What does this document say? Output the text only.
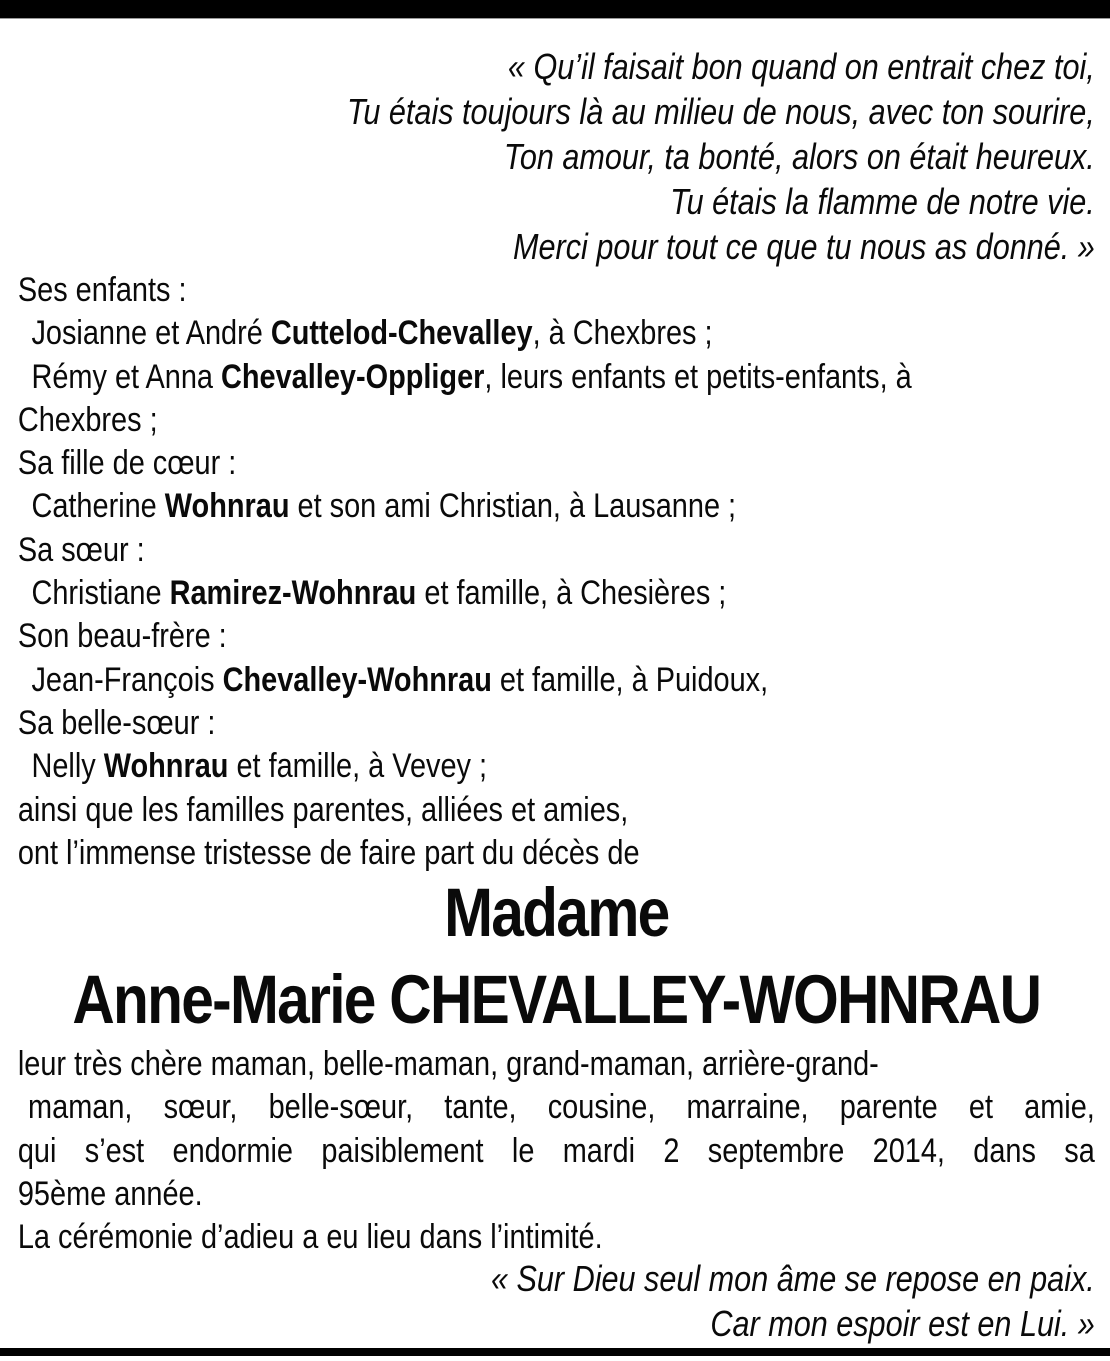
« Qu’il faisait bon quand on entrait chez toi,
Tu étais toujours là au milieu de nous, avec ton sourire,
Ton amour, ta bonté, alors on était heureux.
Tu étais la flamme de notre vie.
Merci pour tout ce que tu nous as donné. »
Ses enfants :
Josianne et André Cuttelod-Chevalley, à Chexbres ;
Rémy et Anna Chevalley-Oppliger, leurs enfants et petits-enfants, à
Chexbres ;
Sa fille de cœur :
Catherine Wohnrau et son ami Christian, à Lausanne ;
Sa sœur :
Christiane Ramirez-Wohnrau et famille, à Chesières ;
Son beau-frère :
Jean-François Chevalley-Wohnrau et famille, à Puidoux,
Sa belle-sœur :
Nelly Wohnrau et famille, à Vevey ;
ainsi que les familles parentes, alliées et amies,
ont l’immense tristesse de faire part du décès de
Madame
Anne-Marie CHEVALLEY-WOHNRAU
leur très chère maman, belle-maman, grand-maman, arrière-grand-
maman, sœur, belle-sœur, tante, cousine, marraine, parente et amie,
qui s’est endormie paisiblement le mardi 2 septembre 2014, dans sa
95ème année.
La cérémonie d’adieu a eu lieu dans l’intimité.
« Sur Dieu seul mon âme se repose en paix.
Car mon espoir est en Lui. »
